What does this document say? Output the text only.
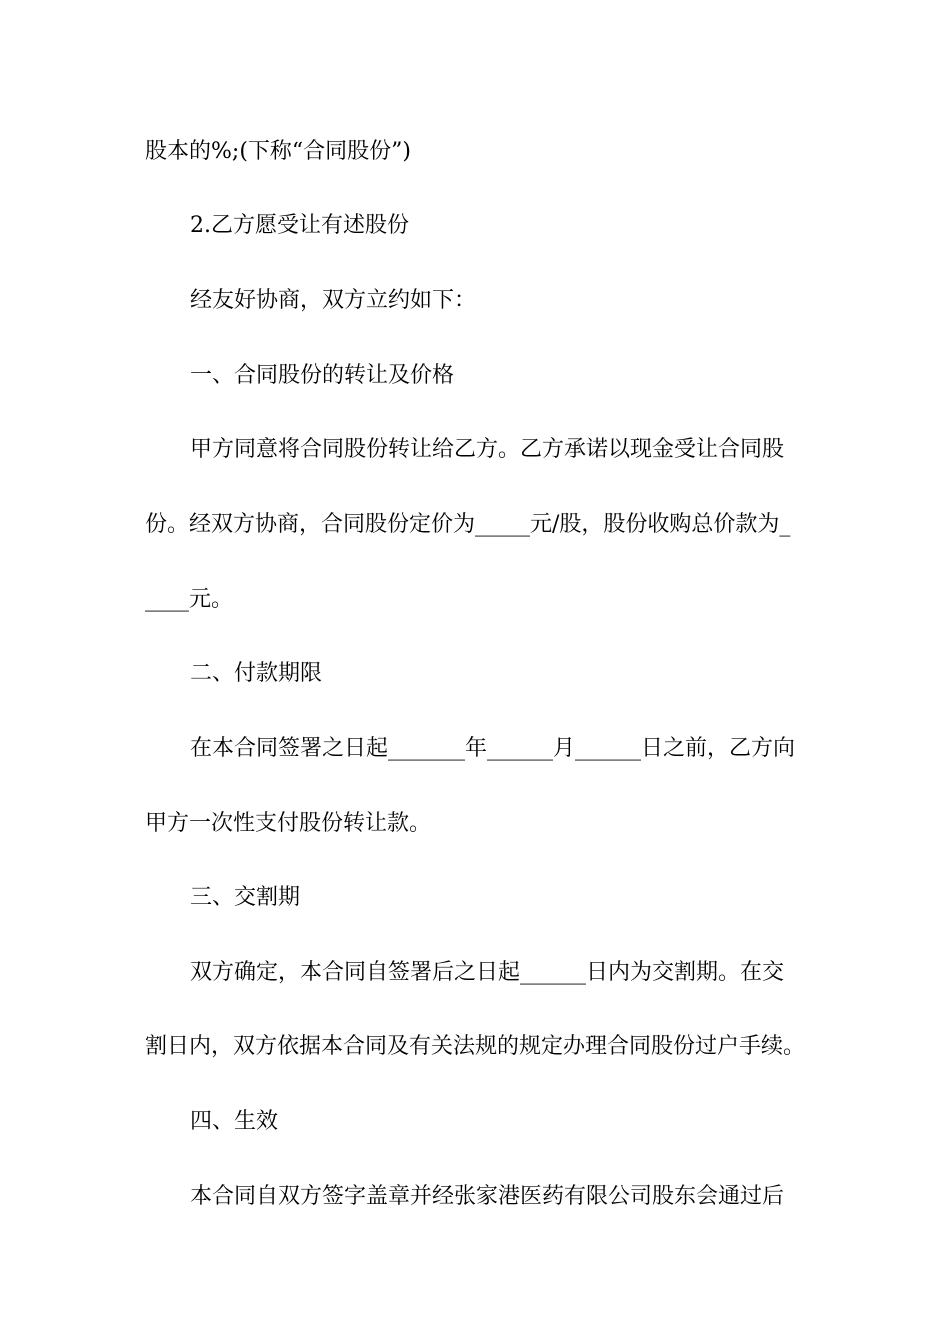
股本的%;(下称“合同股份”)

2.乙方愿受让有述股份

经友好协商，双方立约如下：

一、合同股份的转让及价格

甲方同意将合同股份转让给乙方。乙方承诺以现金受让合同股

份。经双方协商，合同股份定价为_____元/股，股份收购总价款为_

____元。

二、付款期限

在本合同签署之日起_______年______月______日之前，乙方向

甲方一次性支付股份转让款。

三、交割期

双方确定，本合同自签署后之日起______日内为交割期。在交

割日内，双方依据本合同及有关法规的规定办理合同股份过户手续。

四、生效

本合同自双方签字盖章并经张家港医药有限公司股东会通过后
